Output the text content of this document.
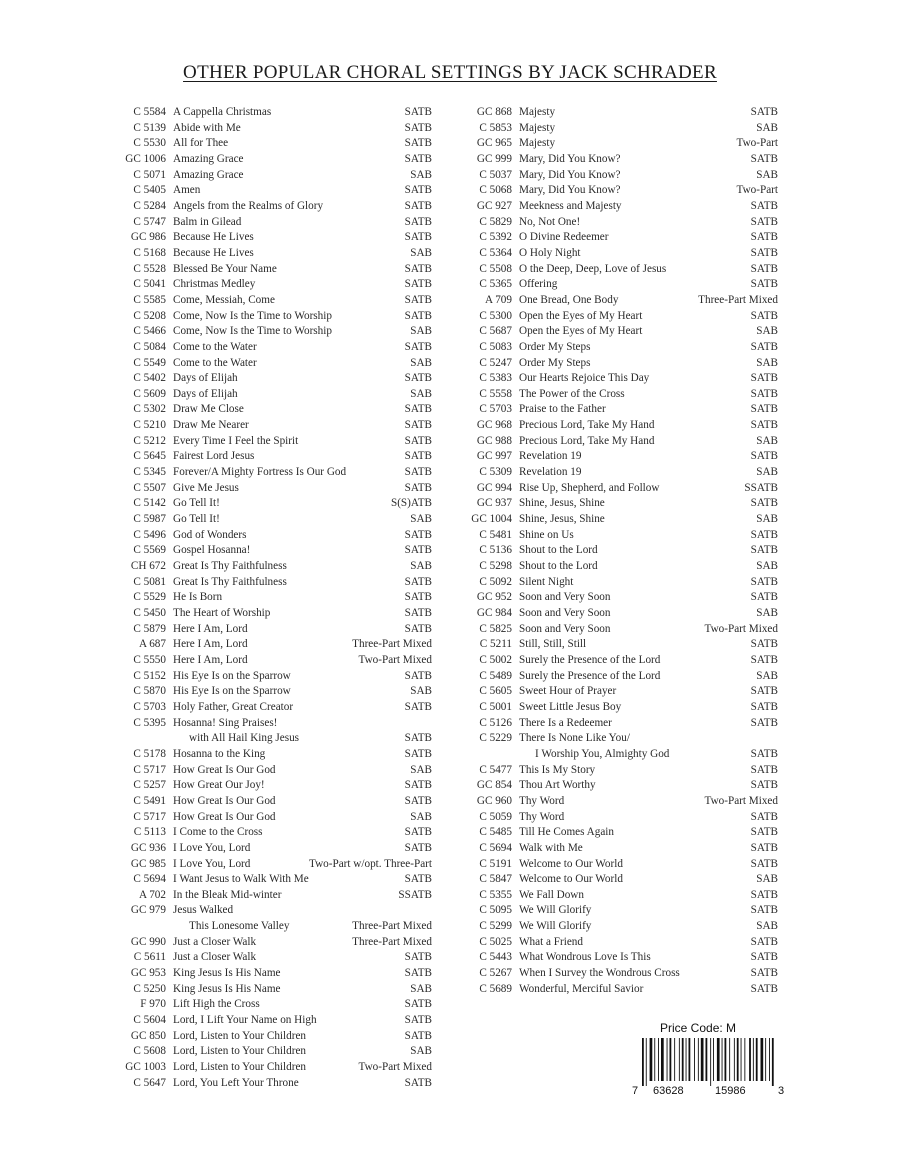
OTHER POPULAR CHORAL SETTINGS BY JACK SCHRADER
C 5584 A Cappella Christmas	SATB
C 5139 Abide with Me	SATB
C 5530 All for Thee	SATB
GC 1006 Amazing Grace	SATB
C 5071 Amazing Grace	SAB
C 5405 Amen	SATB
C 5284 Angels from the Realms of Glory	SATB
C 5747 Balm in Gilead	SATB
GC 986 Because He Lives	SATB
C 5168 Because He Lives	SAB
C 5528 Blessed Be Your Name	SATB
C 5041 Christmas Medley	SATB
C 5585 Come, Messiah, Come	SATB
C 5208 Come, Now Is the Time to Worship	SATB
C 5466 Come, Now Is the Time to Worship	SAB
C 5084 Come to the Water	SATB
C 5549 Come to the Water	SAB
C 5402 Days of Elijah	SATB
C 5609 Days of Elijah	SAB
C 5302 Draw Me Close	SATB
C 5210 Draw Me Nearer	SATB
C 5212 Every Time I Feel the Spirit	SATB
C 5645 Fairest Lord Jesus	SATB
C 5345 Forever/A Mighty Fortress Is Our God	SATB
C 5507 Give Me Jesus	SATB
C 5142 Go Tell It!	S(S)ATB
C 5987 Go Tell It!	SAB
C 5496 God of Wonders	SATB
C 5569 Gospel Hosanna!	SATB
CH 672 Great Is Thy Faithfulness	SAB
C 5081 Great Is Thy Faithfulness	SATB
C 5529 He Is Born	SATB
C 5450 The Heart of Worship	SATB
C 5879 Here I Am, Lord	SATB
A 687 Here I Am, Lord	Three-Part Mixed
C 5550 Here I Am, Lord	Two-Part Mixed
C 5152 His Eye Is on the Sparrow	SATB
C 5870 His Eye Is on the Sparrow	SAB
C 5703 Holy Father, Great Creator	SATB
C 5395 Hosanna! Sing Praises!
with All Hail King Jesus	SATB
C 5178 Hosanna to the King	SATB
C 5717 How Great Is Our God	SAB
C 5257 How Great Our Joy!	SATB
C 5491 How Great Is Our God	SATB
C 5717 How Great Is Our God	SAB
C 5113 I Come to the Cross	SATB
GC 936 I Love You, Lord	SATB
GC 985 I Love You, Lord	Two-Part w/opt. Three-Part
C 5694 I Want Jesus to Walk With Me	SATB
A 702 In the Bleak Mid-winter	SSATB
GC 979 Jesus Walked
This Lonesome Valley	Three-Part Mixed
GC 990 Just a Closer Walk	Three-Part Mixed
C 5611 Just a Closer Walk	SATB
GC 953 King Jesus Is His Name	SATB
C 5250 King Jesus Is His Name	SAB
F 970 Lift High the Cross	SATB
C 5604 Lord, I Lift Your Name on High	SATB
GC 850 Lord, Listen to Your Children	SATB
C 5608 Lord, Listen to Your Children	SAB
GC 1003 Lord, Listen to Your Children	Two-Part Mixed
C 5647 Lord, You Left Your Throne	SATB
GC 868 Majesty	SATB
C 5853 Majesty	SAB
GC 965 Majesty	Two-Part
GC 999 Mary, Did You Know?	SATB
C 5037 Mary, Did You Know?	SAB
C 5068 Mary, Did You Know?	Two-Part
GC 927 Meekness and Majesty	SATB
C 5829 No, Not One!	SATB
C 5392 O Divine Redeemer	SATB
C 5364 O Holy Night	SATB
C 5508 O the Deep, Deep, Love of Jesus	SATB
C 5365 Offering	SATB
A 709 One Bread, One Body	Three-Part Mixed
C 5300 Open the Eyes of My Heart	SATB
C 5687 Open the Eyes of My Heart	SAB
C 5083 Order My Steps	SATB
C 5247 Order My Steps	SAB
C 5383 Our Hearts Rejoice This Day	SATB
C 5558 The Power of the Cross	SATB
C 5703 Praise to the Father	SATB
GC 968 Precious Lord, Take My Hand	SATB
GC 988 Precious Lord, Take My Hand	SAB
GC 997 Revelation 19	SATB
C 5309 Revelation 19	SAB
GC 994 Rise Up, Shepherd, and Follow	SSATB
GC 937 Shine, Jesus, Shine	SATB
GC 1004 Shine, Jesus, Shine	SAB
C 5481 Shine on Us	SATB
C 5136 Shout to the Lord	SATB
C 5298 Shout to the Lord	SAB
C 5092 Silent Night	SATB
GC 952 Soon and Very Soon	SATB
GC 984 Soon and Very Soon	SAB
C 5825 Soon and Very Soon	Two-Part Mixed
C 5211 Still, Still, Still	SATB
C 5002 Surely the Presence of the Lord	SATB
C 5489 Surely the Presence of the Lord	SAB
C 5605 Sweet Hour of Prayer	SATB
C 5001 Sweet Little Jesus Boy	SATB
C 5126 There Is a Redeemer	SATB
C 5229 There Is None Like You/
I Worship You, Almighty God	SATB
C 5477 This Is My Story	SATB
GC 854 Thou Art Worthy	SATB
GC 960 Thy Word	Two-Part Mixed
C 5059 Thy Word	SATB
C 5485 Till He Comes Again	SATB
C 5694 Walk with Me	SATB
C 5191 Welcome to Our World	SATB
C 5847 Welcome to Our World	SAB
C 5355 We Fall Down	SATB
C 5095 We Will Glorify	SATB
C 5299 We Will Glorify	SAB
C 5025 What a Friend	SATB
C 5443 What Wondrous Love Is This	SATB
C 5267 When I Survey the Wondrous Cross	SATB
C 5689 Wonderful, Merciful Savior	SATB
Price Code: M
7 63628	15986	3
